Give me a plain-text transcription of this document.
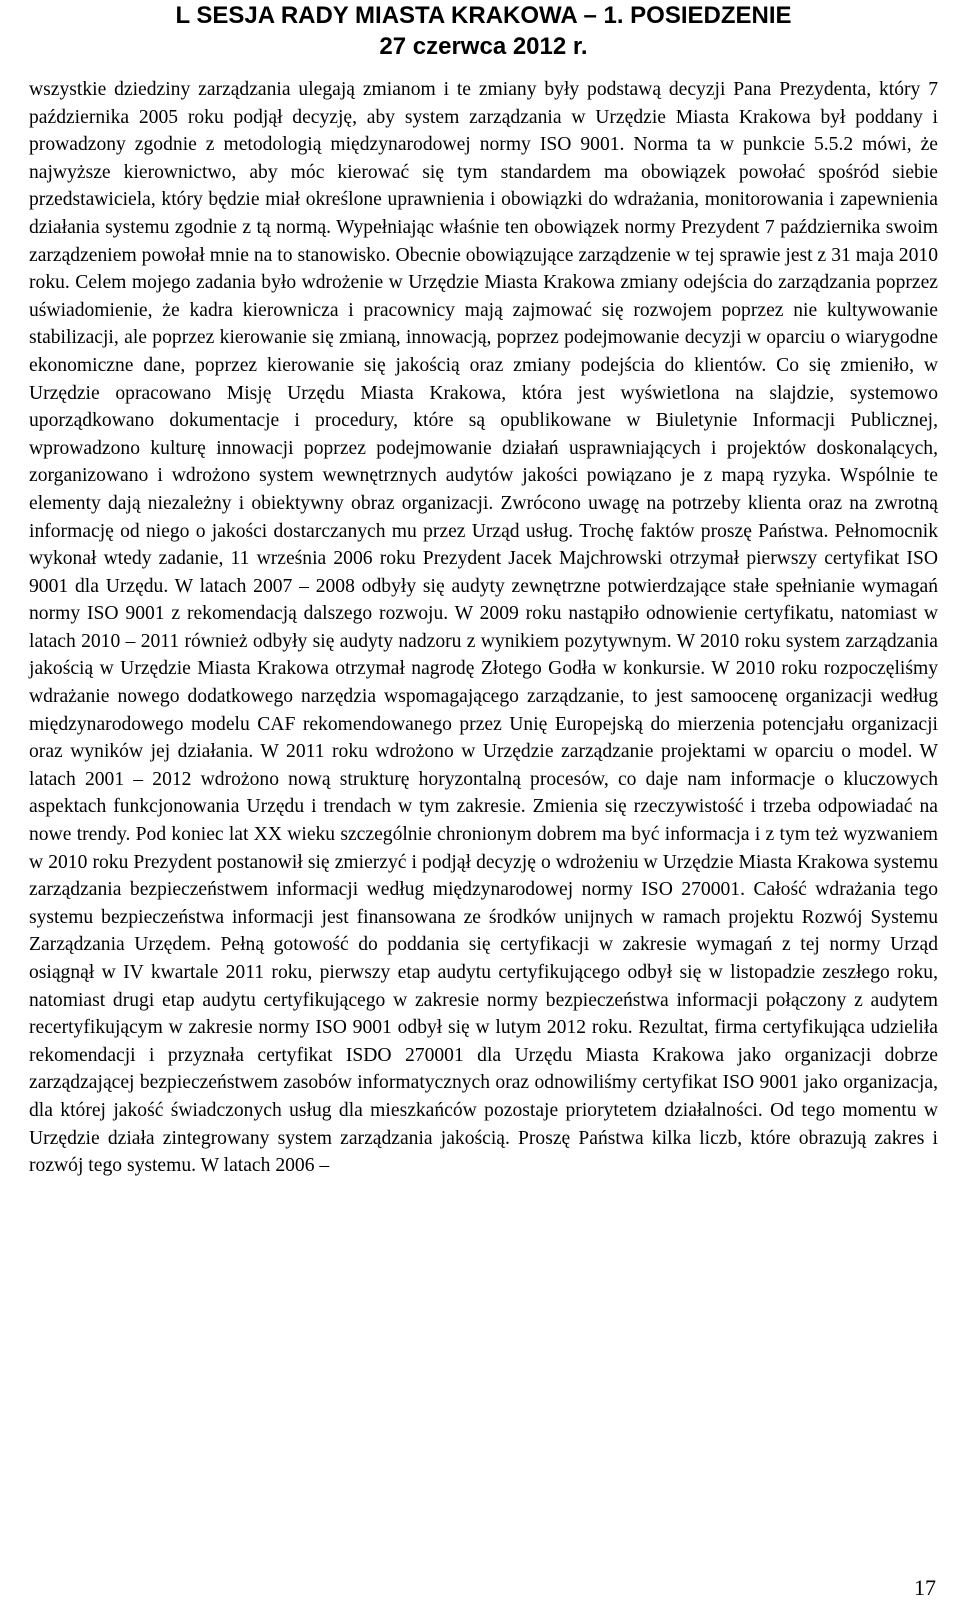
L SESJA RADY MIASTA KRAKOWA – 1. POSIEDZENIE
27 czerwca 2012 r.
wszystkie dziedziny zarządzania ulegają zmianom i te zmiany były podstawą decyzji Pana Prezydenta, który 7 października 2005 roku podjął decyzję, aby system zarządzania w Urzędzie Miasta Krakowa był poddany i prowadzony zgodnie z metodologią międzynarodowej normy ISO 9001. Norma ta w punkcie 5.5.2 mówi, że najwyższe kierownictwo, aby móc kierować się tym standardem ma obowiązek powołać spośród siebie przedstawiciela, który będzie miał określone uprawnienia i obowiązki do wdrażania, monitorowania i zapewnienia działania systemu zgodnie z tą normą. Wypełniając właśnie ten obowiązek normy Prezydent 7 października swoim zarządzeniem powołał mnie na to stanowisko. Obecnie obowiązujące zarządzenie w tej sprawie jest z 31 maja 2010 roku. Celem mojego zadania było wdrożenie w Urzędzie Miasta Krakowa zmiany odejścia do zarządzania poprzez uświadomienie, że kadra kierownicza i pracownicy mają zajmować się rozwojem poprzez nie kultywowanie stabilizacji, ale poprzez kierowanie się zmianą, innowacją, poprzez podejmowanie decyzji w oparciu o wiarygodne ekonomiczne dane, poprzez kierowanie się jakością oraz zmiany podejścia do klientów. Co się zmieniło, w Urzędzie opracowano Misję Urzędu Miasta Krakowa, która jest wyświetlona na slajdzie, systemowo uporządkowano dokumentacje i procedury, które są opublikowane w Biuletynie Informacji Publicznej, wprowadzono kulturę innowacji poprzez podejmowanie działań usprawniających i projektów doskonalących, zorganizowano i wdrożono system wewnętrznych audytów jakości powiązano je z mapą ryzyka. Wspólnie te elementy dają niezależny i obiektywny obraz organizacji. Zwrócono uwagę na potrzeby klienta oraz na zwrotną informację od niego o jakości dostarczanych mu przez Urząd usług. Trochę faktów proszę Państwa. Pełnomocnik wykonał wtedy zadanie, 11 września 2006 roku Prezydent Jacek Majchrowski otrzymał pierwszy certyfikat ISO 9001 dla Urzędu. W latach 2007 – 2008 odbyły się audyty zewnętrzne potwierdzające stałe spełnianie wymagań normy ISO 9001 z rekomendacją dalszego rozwoju. W 2009 roku nastąpiło odnowienie certyfikatu, natomiast w latach 2010 – 2011 również odbyły się audyty nadzoru z wynikiem pozytywnym. W 2010 roku system zarządzania jakością w Urzędzie Miasta Krakowa otrzymał nagrodę Złotego Godła w konkursie. W 2010 roku rozpoczęliśmy wdrażanie nowego dodatkowego narzędzia wspomagającego zarządzanie, to jest samoocenę organizacji według międzynarodowego modelu CAF rekomendowanego przez Unię Europejską do mierzenia potencjału organizacji oraz wyników jej działania. W 2011 roku wdrożono w Urzędzie zarządzanie projektami w oparciu o model. W latach 2001 – 2012 wdrożono nową strukturę horyzontalną procesów, co daje nam informacje o kluczowych aspektach funkcjonowania Urzędu i trendach w tym zakresie. Zmienia się rzeczywistość i trzeba odpowiadać na nowe trendy. Pod koniec lat XX wieku szczególnie chronionym dobrem ma być informacja i z tym też wyzwaniem w 2010 roku Prezydent postanowił się zmierzyć i podjął decyzję o wdrożeniu w Urzędzie Miasta Krakowa systemu zarządzania bezpieczeństwem informacji według międzynarodowej normy ISO 270001. Całość wdrażania tego systemu bezpieczeństwa informacji jest finansowana ze środków unijnych w ramach projektu Rozwój Systemu Zarządzania Urzędem. Pełną gotowość do poddania się certyfikacji w zakresie wymagań z tej normy Urząd osiągnął w IV kwartale 2011 roku, pierwszy etap audytu certyfikującego odbył się w listopadzie zeszłego roku, natomiast drugi etap audytu certyfikującego w zakresie normy bezpieczeństwa informacji połączony z audytem recertyfikującym w zakresie normy ISO 9001 odbył się w lutym 2012 roku. Rezultat, firma certyfikująca udzieliła rekomendacji i przyznała certyfikat ISDO 270001 dla Urzędu Miasta Krakowa jako organizacji dobrze zarządzającej bezpieczeństwem zasobów informatycznych oraz odnowiliśmy certyfikat ISO 9001 jako organizacja, dla której jakość świadczonych usług dla mieszkańców pozostaje priorytetem działalności. Od tego momentu w Urzędzie działa zintegrowany system zarządzania jakością. Proszę Państwa kilka liczb, które obrazują zakres i rozwój tego systemu. W latach 2006 –
17
